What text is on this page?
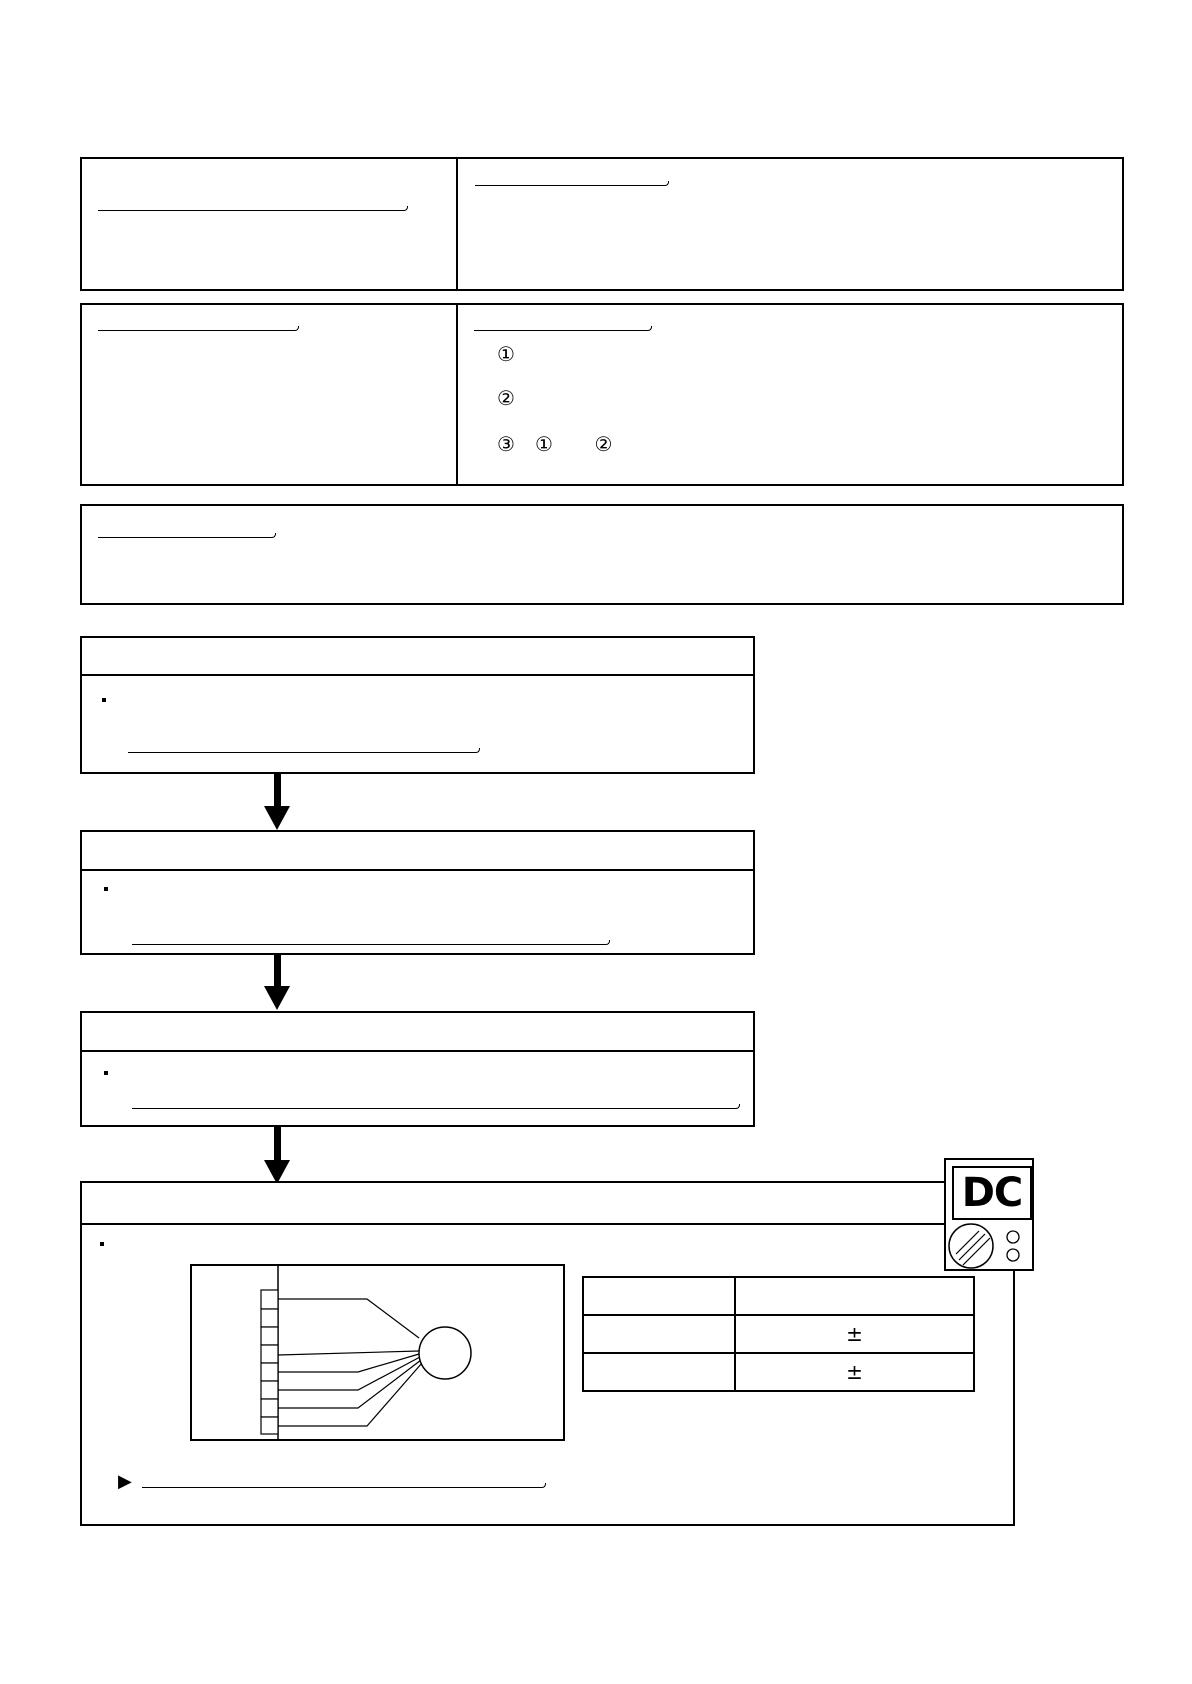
①
②
③ ① ②

	±
	±
▶
DC
